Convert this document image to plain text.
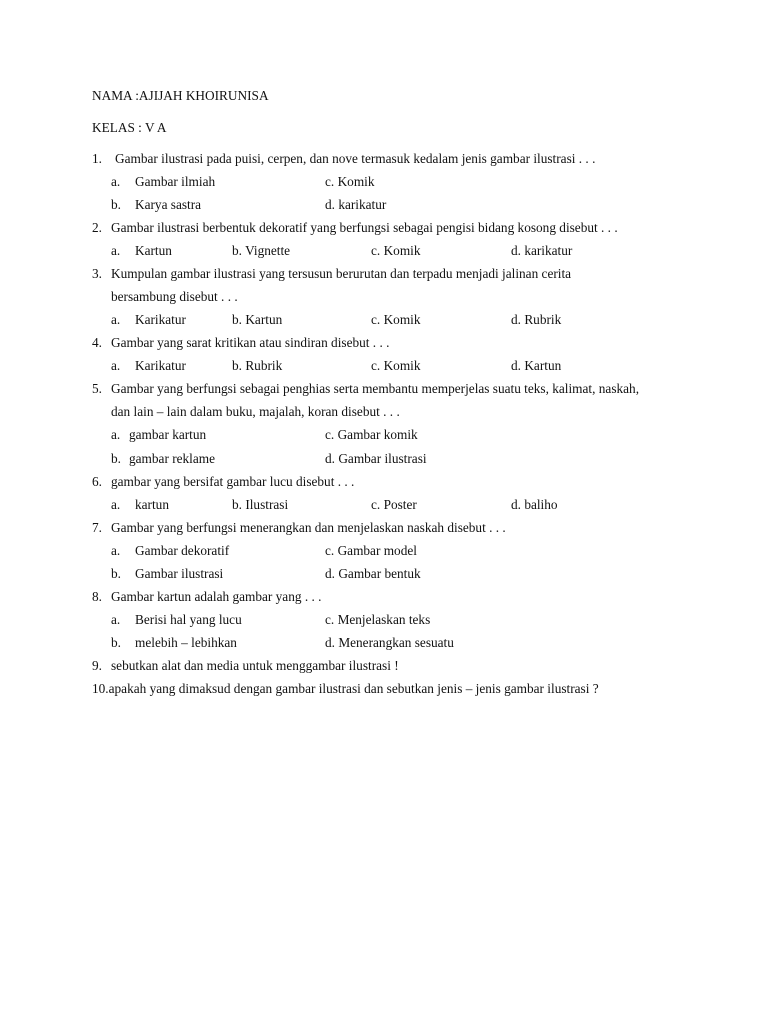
NAMA :AJIJAH KHOIRUNISA
KELAS : V A
1. Gambar ilustrasi pada puisi, cerpen, dan nove termasuk kedalam jenis gambar ilustrasi . . .
a. Gambar ilmiah	c. Komik
b. Karya sastra	d. karikatur
2. Gambar ilustrasi berbentuk dekoratif yang berfungsi sebagai pengisi bidang kosong disebut . . .
a. Kartun	b. Vignette	c. Komik	d. karikatur
3. Kumpulan gambar ilustrasi yang tersusun berurutan dan terpadu menjadi jalinan cerita
bersambung disebut . . .
a. Karikatur	b. Kartun	c. Komik	d. Rubrik
4. Gambar yang sarat kritikan atau sindiran disebut . . .
a. Karikatur	b. Rubrik	c. Komik	d. Kartun
5. Gambar yang berfungsi sebagai penghias serta membantu memperjelas suatu teks, kalimat, naskah,
dan lain – lain dalam buku, majalah, koran disebut . . .
a. gambar kartun	c. Gambar komik
b. gambar reklame	d. Gambar ilustrasi
6. gambar yang bersifat gambar lucu disebut . . .
a. kartun	b. Ilustrasi	c. Poster	d. baliho
7. Gambar yang berfungsi menerangkan dan menjelaskan naskah disebut . . .
a. Gambar dekoratif	c. Gambar model
b. Gambar ilustrasi	d. Gambar bentuk
8. Gambar kartun adalah gambar yang . . .
a. Berisi hal yang lucu	c. Menjelaskan teks
b. melebih – lebihkan	d. Menerangkan sesuatu
9. sebutkan alat dan media untuk menggambar ilustrasi !
10.apakah yang dimaksud dengan gambar ilustrasi dan sebutkan jenis – jenis gambar ilustrasi ?
